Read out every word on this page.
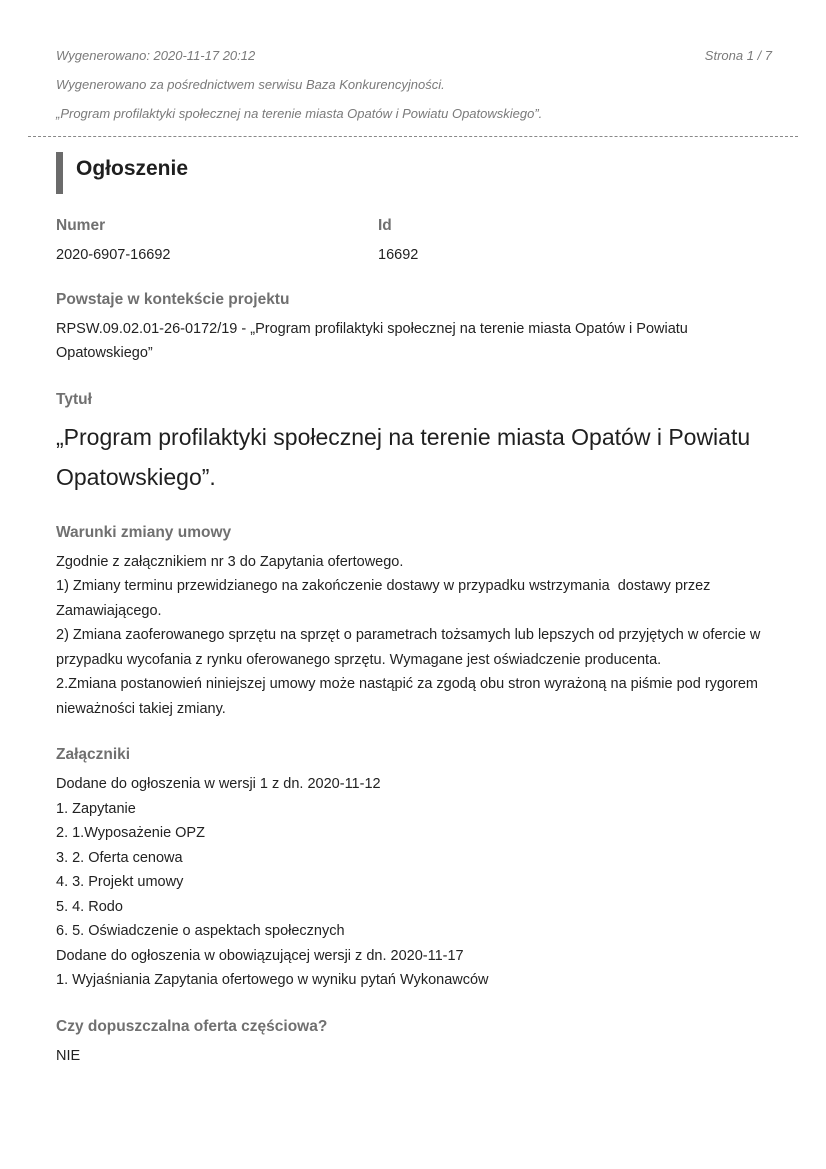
Wygenerowano: 2020-11-17 20:12	Strona 1 / 7
Wygenerowano za pośrednictwem serwisu Baza Konkurencyjności.
„Program profilaktyki społecznej na terenie miasta Opatów i Powiatu Opatowskiego”.
Ogłoszenie
Numer
2020-6907-16692
Id
16692
Powstaje w kontekście projektu
RPSW.09.02.01-26-0172/19 - „Program profilaktyki społecznej na terenie miasta Opatów i Powiatu Opatowskiego”
Tytuł
„Program profilaktyki społecznej na terenie miasta Opatów i Powiatu Opatowskiego”.
Warunki zmiany umowy
Zgodnie z załącznikiem nr 3 do Zapytania ofertowego.
1) Zmiany terminu przewidzianego na zakończenie dostawy w przypadku wstrzymania  dostawy przez Zamawiającego.
2) Zmiana zaoferowanego sprzętu na sprzęt o parametrach tożsamych lub lepszych od przyjętych w ofercie w przypadku wycofania z rynku oferowanego sprzętu. Wymagane jest oświadczenie producenta.
2.Zmiana postanowień niniejszej umowy może nastąpić za zgodą obu stron wyrażoną na piśmie pod rygorem nieważności takiej zmiany.
Załączniki
Dodane do ogłoszenia w wersji 1 z dn. 2020-11-12
1. Zapytanie
2. 1.Wyposażenie OPZ
3. 2. Oferta cenowa
4. 3. Projekt umowy
5. 4. Rodo
6. 5. Oświadczenie o aspektach społecznych
Dodane do ogłoszenia w obowiązującej wersji z dn. 2020-11-17
1. Wyjaśniania Zapytania ofertowego w wyniku pytań Wykonawców
Czy dopuszczalna oferta częściowa?
NIE
